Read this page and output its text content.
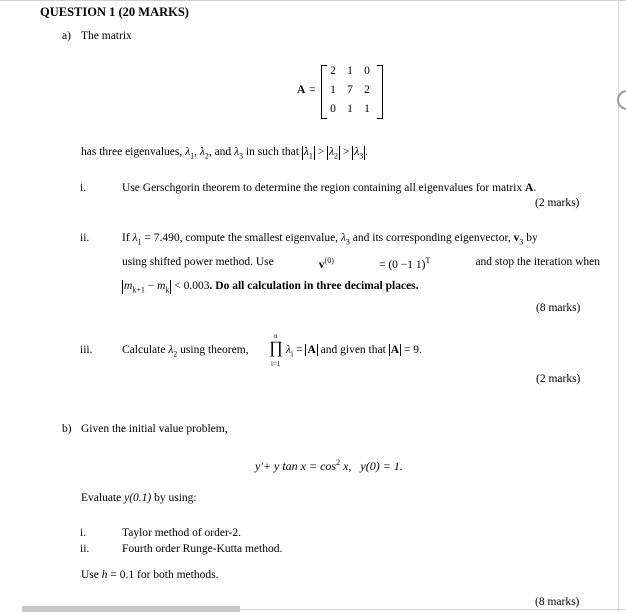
QUESTION 1 (20 MARKS)
a) The matrix
A =
2 1 0
1 7 2
0 1 1
has three eigenvalues, $\lambda_1$, $\lambda_2$, and $\lambda_3$ in such that $\lambda_1 > \lambda_2 > \lambda_3$ .
i.	Use Gerschgorin theorem to determine the region containing all eigenvalues for matrix A.
(2 marks)
ii.	If $\lambda_1 = 7.490$, compute the smallest eigenvalue, $\lambda_3$ and its corresponding eigenvector, $v_3$ by
using shifted power method. Use	$v^{(0)}$	= (0 −1 1)$^T$	and stop the iteration when
$m_{k+1} - m_k < 0.003$. Do all calculation in three decimal places.
(8 marks)
iii.	Calculate $\lambda_2$ using theorem,
n
∏
i=1
$\lambda_i = A$ and given that A = 9.
(2 marks)
b) Given the initial value problem,
y'+ y $\tan x = \cos^2 x$, y(0) = 1.
Evaluate y(0.1) by using:
i.	Taylor method of order-2.
ii.	Fourth order Runge-Kutta method.
Use h = 0.1 for both methods.
(8 marks)
